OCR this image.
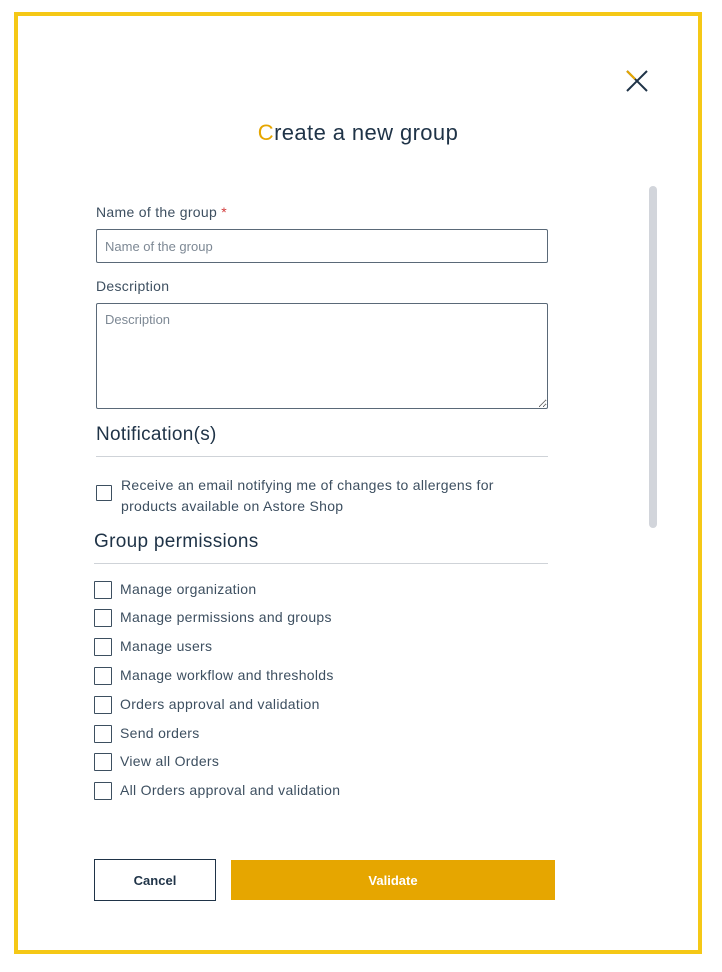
Create a new group
Name of the group *
Name of the group
Description
Description
Notification(s)
Receive an email notifying me of changes to allergens for
products available on Astore Shop
Group permissions
Manage organization
Manage permissions and groups
Manage users
Manage workflow and thresholds
Orders approval and validation
Send orders
View all Orders
All Orders approval and validation
Cancel	Validate
